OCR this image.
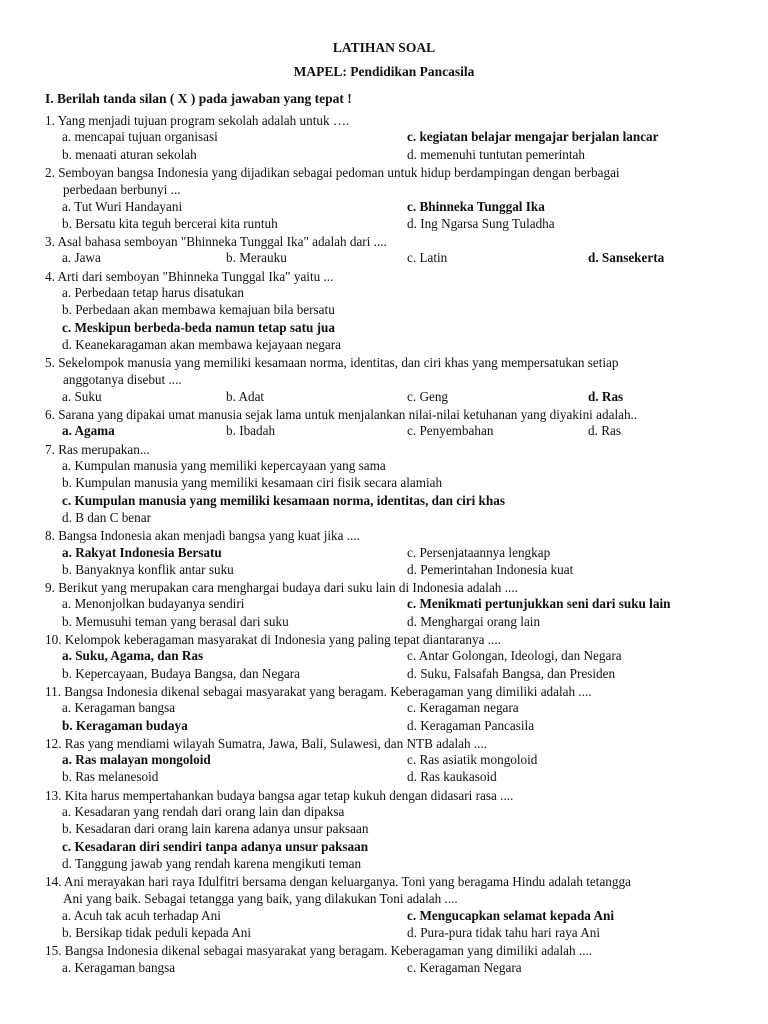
LATIHAN SOAL
MAPEL: Pendidikan Pancasila
I. Berilah tanda silan ( X ) pada jawaban yang tepat !
1. Yang menjadi tujuan program sekolah adalah untuk ….
a. mencapai tujuan organisasi	c. kegiatan belajar mengajar berjalan lancar
b. menaati aturan sekolah	d. memenuhi tuntutan pemerintah
2. Semboyan bangsa Indonesia yang dijadikan sebagai pedoman untuk hidup berdampingan dengan berbagai
perbedaan berbunyi ...
a. Tut Wuri Handayani	c. Bhinneka Tunggal Ika
b. Bersatu kita teguh bercerai kita runtuh	d. Ing Ngarsa Sung Tuladha
3. Asal bahasa semboyan "Bhinneka Tunggal Ika" adalah dari ....
a. Jawa	b. Merauku	c. Latin	d. Sansekerta
4. Arti dari semboyan "Bhinneka Tunggal Ika" yaitu ...
a. Perbedaan tetap harus disatukan
b. Perbedaan akan membawa kemajuan bila bersatu
c. Meskipun berbeda-beda namun tetap satu jua
d. Keanekaragaman akan membawa kejayaan negara
5. Sekelompok manusia yang memiliki kesamaan norma, identitas, dan ciri khas yang mempersatukan setiap
anggotanya disebut ....
a. Suku	b. Adat	c. Geng	d. Ras
6. Sarana yang dipakai umat manusia sejak lama untuk menjalankan nilai-nilai ketuhanan yang diyakini adalah..
a. Agama	b. Ibadah	c. Penyembahan	d. Ras
7. Ras merupakan...
a. Kumpulan manusia yang memiliki kepercayaan yang sama
b. Kumpulan manusia yang memiliki kesamaan ciri fisik secara alamiah
c. Kumpulan manusia yang memiliki kesamaan norma, identitas, dan ciri khas
d. B dan C benar
8. Bangsa Indonesia akan menjadi bangsa yang kuat jika ....
a. Rakyat Indonesia Bersatu	c. Persenjataannya lengkap
b. Banyaknya konflik antar suku	d. Pemerintahan Indonesia kuat
9. Berikut yang merupakan cara menghargai budaya dari suku lain di Indonesia adalah ....
a. Menonjolkan budayanya sendiri	c. Menikmati pertunjukkan seni dari suku lain
b. Memusuhi teman yang berasal dari suku	d. Menghargai orang lain
10. Kelompok keberagaman masyarakat di Indonesia yang paling tepat diantaranya ....
a. Suku, Agama, dan Ras	c. Antar Golongan, Ideologi, dan Negara
b. Kepercayaan, Budaya Bangsa, dan Negara	d. Suku, Falsafah Bangsa, dan Presiden
11. Bangsa Indonesia dikenal sebagai masyarakat yang beragam. Keberagaman yang dimiliki adalah ....
a. Keragaman bangsa	c. Keragaman negara
b. Keragaman budaya	d. Keragaman Pancasila
12. Ras yang mendiami wilayah Sumatra, Jawa, Bali, Sulawesi, dan NTB adalah ....
a. Ras malayan mongoloid	c. Ras asiatik mongoloid
b. Ras melanesoid	d. Ras kaukasoid
13. Kita harus mempertahankan budaya bangsa agar tetap kukuh dengan didasari rasa ....
a. Kesadaran yang rendah dari orang lain dan dipaksa
b. Kesadaran dari orang lain karena adanya unsur paksaan
c. Kesadaran diri sendiri tanpa adanya unsur paksaan
d. Tanggung jawab yang rendah karena mengikuti teman
14. Ani merayakan hari raya Idulfitri bersama dengan keluarganya. Toni yang beragama Hindu adalah tetangga
Ani yang baik. Sebagai tetangga yang baik, yang dilakukan Toni adalah ....
a. Acuh tak acuh terhadap Ani	c. Mengucapkan selamat kepada Ani
b. Bersikap tidak peduli kepada Ani	d. Pura-pura tidak tahu hari raya Ani
15. Bangsa Indonesia dikenal sebagai masyarakat yang beragam. Keberagaman yang dimiliki adalah ....
a. Keragaman bangsa	c. Keragaman Negara
